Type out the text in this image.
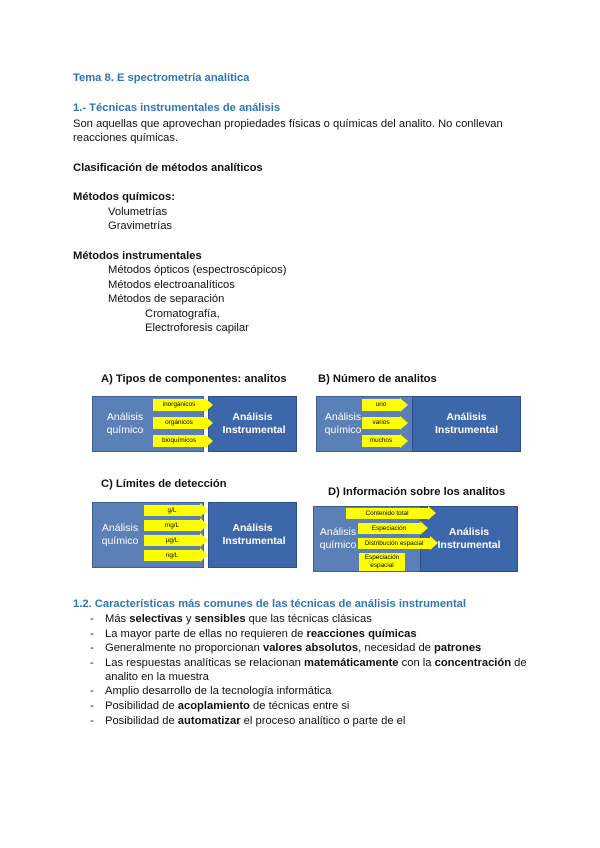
Tema 8. E spectrometría analítica
1.- Técnicas instrumentales de análisis
Son aquellas que aprovechan propiedades físicas o químicas del analito. No conllevan reacciones químicas.
Clasificación de métodos analíticos
Métodos químicos:
Volumetrías
Gravimetrías
Métodos instrumentales
Métodos ópticos (espectroscópicos)
Métodos electroanalíticos
Métodos de separación
Cromatografía,
Electroforesis capilar
A) Tipos de componentes: analitos
Análisis químico
Análisis Instrumental
inorgánicos
orgánicos
bioquímicos
B) Número de analitos
Análisis químico
Análisis Instrumental
uno
varios
muchos
C) Límites de detección
Análisis químico
Análisis Instrumental
g/L
mg/L
µg/L
ng/L
D) Información sobre los analitos
Análisis químico
Análisis Instrumental
Contenido total
Especiación
Distribución espacial
Especiación espacial
1.2. Características más comunes de las técnicas de análisis instrumental
- Más selectivas y sensibles que las técnicas clásicas
- La mayor parte de ellas no requieren de reacciones químicas
- Generalmente no proporcionan valores absolutos, necesidad de patrones
- Las respuestas analíticas se relacionan matemáticamente con la concentración de analito en la muestra
- Amplio desarrollo de la tecnología informática
- Posibilidad de acoplamiento de técnicas entre si
- Posibilidad de automatizar el proceso analítico o parte de el
